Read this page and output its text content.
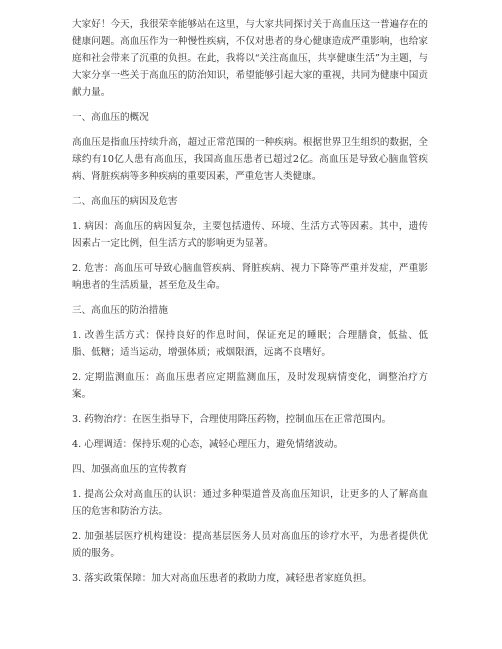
大家好！今天，我很荣幸能够站在这里，与大家共同探讨关于高血压这一普遍存在的健康问题。高血压作为一种慢性疾病，不仅对患者的身心健康造成严重影响，也给家庭和社会带来了沉重的负担。在此，我将以“关注高血压，共享健康生活”为主题，与大家分享一些关于高血压的防治知识，希望能够引起大家的重视，共同为健康中国贡献力量。

一、高血压的概况

高血压是指血压持续升高，超过正常范围的一种疾病。根据世界卫生组织的数据，全球约有10亿人患有高血压，我国高血压患者已超过2亿。高血压是导致心脑血管疾病、肾脏疾病等多种疾病的重要因素，严重危害人类健康。

二、高血压的病因及危害

1. 病因：高血压的病因复杂，主要包括遗传、环境、生活方式等因素。其中，遗传因素占一定比例，但生活方式的影响更为显著。

2. 危害：高血压可导致心脑血管疾病、肾脏疾病、视力下降等严重并发症，严重影响患者的生活质量，甚至危及生命。

三、高血压的防治措施

1. 改善生活方式：保持良好的作息时间，保证充足的睡眠；合理膳食，低盐、低脂、低糖；适当运动，增强体质；戒烟限酒，远离不良嗜好。

2. 定期监测血压：高血压患者应定期监测血压，及时发现病情变化，调整治疗方案。

3. 药物治疗：在医生指导下，合理使用降压药物，控制血压在正常范围内。

4. 心理调适：保持乐观的心态，减轻心理压力，避免情绪波动。

四、加强高血压的宣传教育

1. 提高公众对高血压的认识：通过多种渠道普及高血压知识，让更多的人了解高血压的危害和防治方法。

2. 加强基层医疗机构建设：提高基层医务人员对高血压的诊疗水平，为患者提供优质的服务。

3. 落实政策保障：加大对高血压患者的救助力度，减轻患者家庭负担。
